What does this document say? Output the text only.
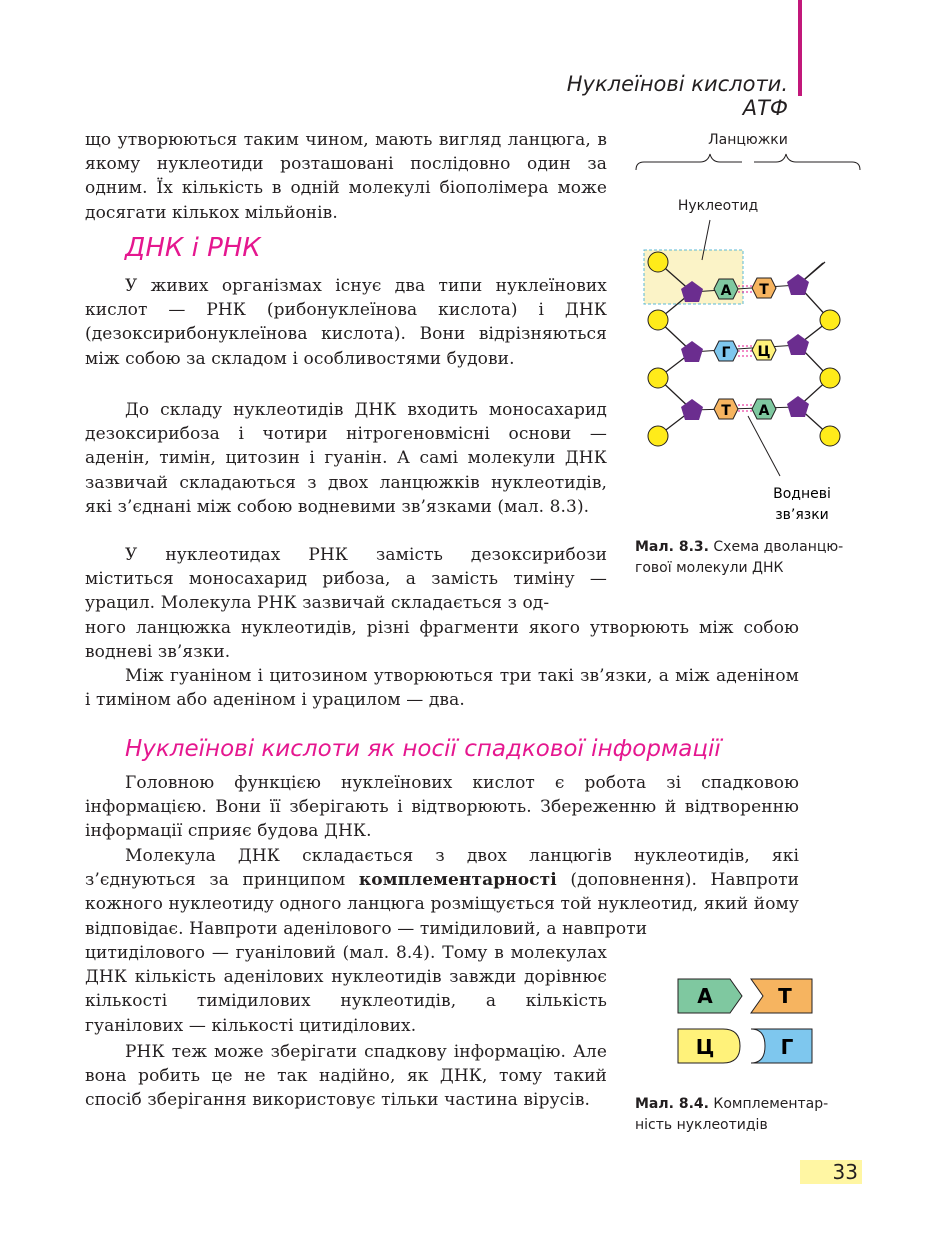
Нуклеїнові кислоти. АТФ

що утворюються таким чином, мають вигляд ланцюга, в якому нуклеотиди розташовані послідовно один за одним. Їх кількість в одній молекулі біополімера може досягати кількох мільйонів.

ДНК і РНК

У живих організмах існує два типи нуклеїнових кислот — РНК (рибонуклеїнова кислота) і ДНК (дезоксирибонуклеїнова кислота). Вони відрізняються між собою за складом і особливостями будови.

До складу нуклеотидів ДНК входить моносахарид дезоксирибоза і чотири нітрогеновмісні основи — аденін, тимін, цитозин і гуанін. А самі молекули ДНК зазвичай складаються з двох ланцюжків нуклеотидів, які з’єднані між собою водневими зв’язками (мал. 8.3).

У нуклеотидах РНК замість дезоксирибози міститься моносахарид рибоза, а замість тиміну — урацил. Молекула РНК зазвичай складається з од-

ного ланцюжка нуклеотидів, різні фрагменти якого утворюють між собою водневі зв’язки.

Між гуаніном і цитозином утворюються три такі зв’язки, а між аденіном і тиміном або аденіном і урацилом — два.

Нуклеїнові кислоти як носії спадкової інформації

Головною функцією нуклеїнових кислот є робота зі спадковою інформацією. Вони її зберігають і відтворюють. Збереженню й відтворенню інформації сприяє будова ДНК.

Молекула ДНК складається з двох ланцюгів нуклеотидів, які з’єднуються за принципом комплементарності (доповнення). Навпроти кожного нуклеотиду одного ланцюга розміщується той нуклеотид, який йому відповідає. Навпроти аденілового — тимідиловий, а навпроти

цитиділового — гуаніловий (мал. 8.4). Тому в молекулах ДНК кількість аденілових нуклеотидів завжди дорівнює кількості тимідилових нуклеотидів, а кількість гуанілових — кількості цитиділових.

РНК теж може зберігати спадкову інформацію. Але вона робить це не так надійно, як ДНК, тому такий спосіб зберігання використовує тільки частина вірусів.

Ланцюжки
Нуклеотид
А Т
Г Ц
Т А
Водневі
зв’язки
Мал. 8.3. Схема дволанцю-
гової молекули ДНК
А	Т
Ц	Г
Мал. 8.4. Комплементар-
ність нуклеотидів
33
